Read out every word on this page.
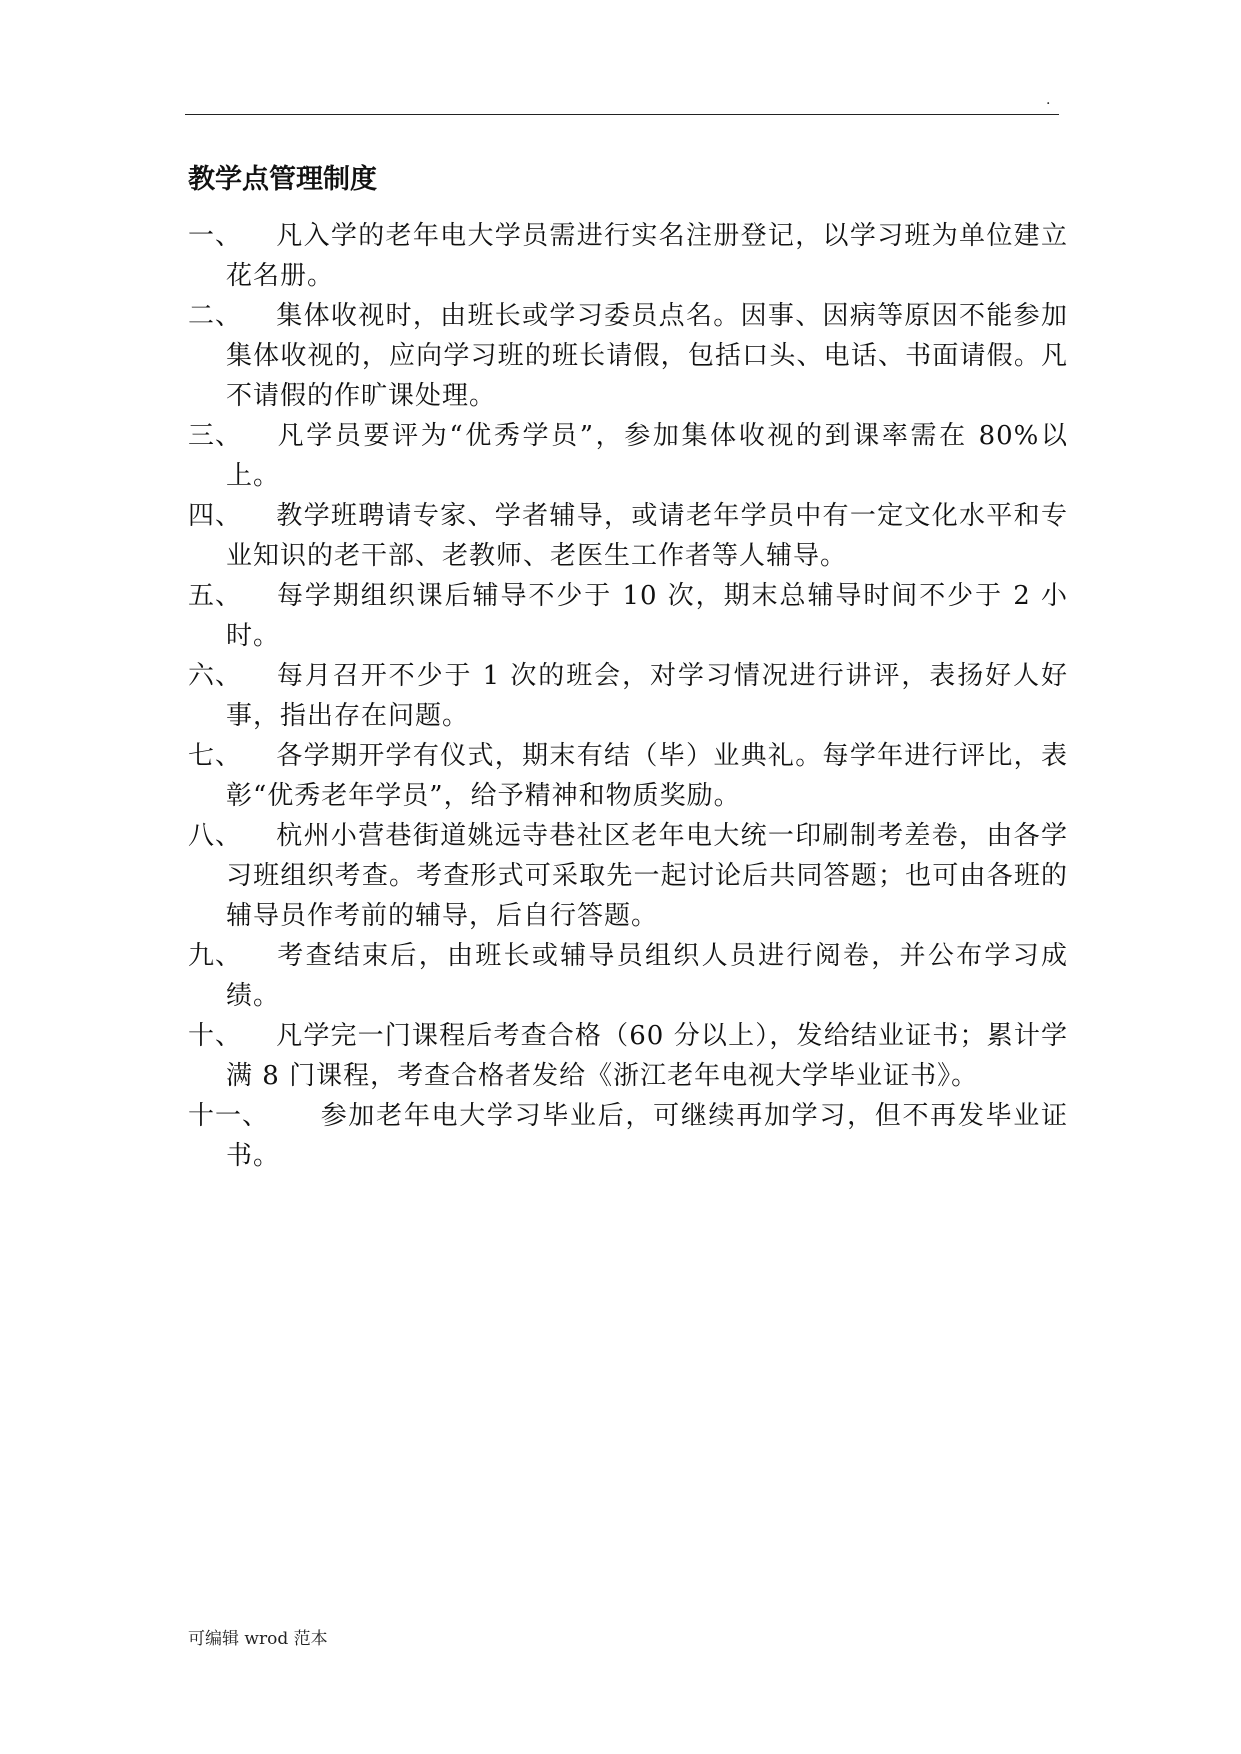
.
教学点管理制度
一、 凡入学的老年电大学员需进行实名注册登记，以学习班为单位建立花名册。
二、 集体收视时，由班长或学习委员点名。因事、因病等原因不能参加集体收视的，应向学习班的班长请假，包括口头、电话、书面请假。凡不请假的作旷课处理。
三、 凡学员要评为“优秀学员”，参加集体收视的到课率需在 80%以上。
四、 教学班聘请专家、学者辅导，或请老年学员中有一定文化水平和专业知识的老干部、老教师、老医生工作者等人辅导。
五、 每学期组织课后辅导不少于 10 次，期末总辅导时间不少于 2 小时。
六、 每月召开不少于 1 次的班会，对学习情况进行讲评，表扬好人好事，指出存在问题。
七、 各学期开学有仪式，期末有结（毕）业典礼。每学年进行评比，表彰“优秀老年学员”，给予精神和物质奖励。
八、 杭州小营巷街道姚远寺巷社区老年电大统一印刷制考差卷，由各学习班组织考查。考查形式可采取先一起讨论后共同答题；也可由各班的辅导员作考前的辅导，后自行答题。
九、 考查结束后，由班长或辅导员组织人员进行阅卷，并公布学习成绩。
十、 凡学完一门课程后考查合格（60 分以上），发给结业证书；累计学满 8 门课程，考查合格者发给《浙江老年电视大学毕业证书》。
十一、 参加老年电大学习毕业后，可继续再加学习，但不再发毕业证书。
可编辑 wrod 范本
